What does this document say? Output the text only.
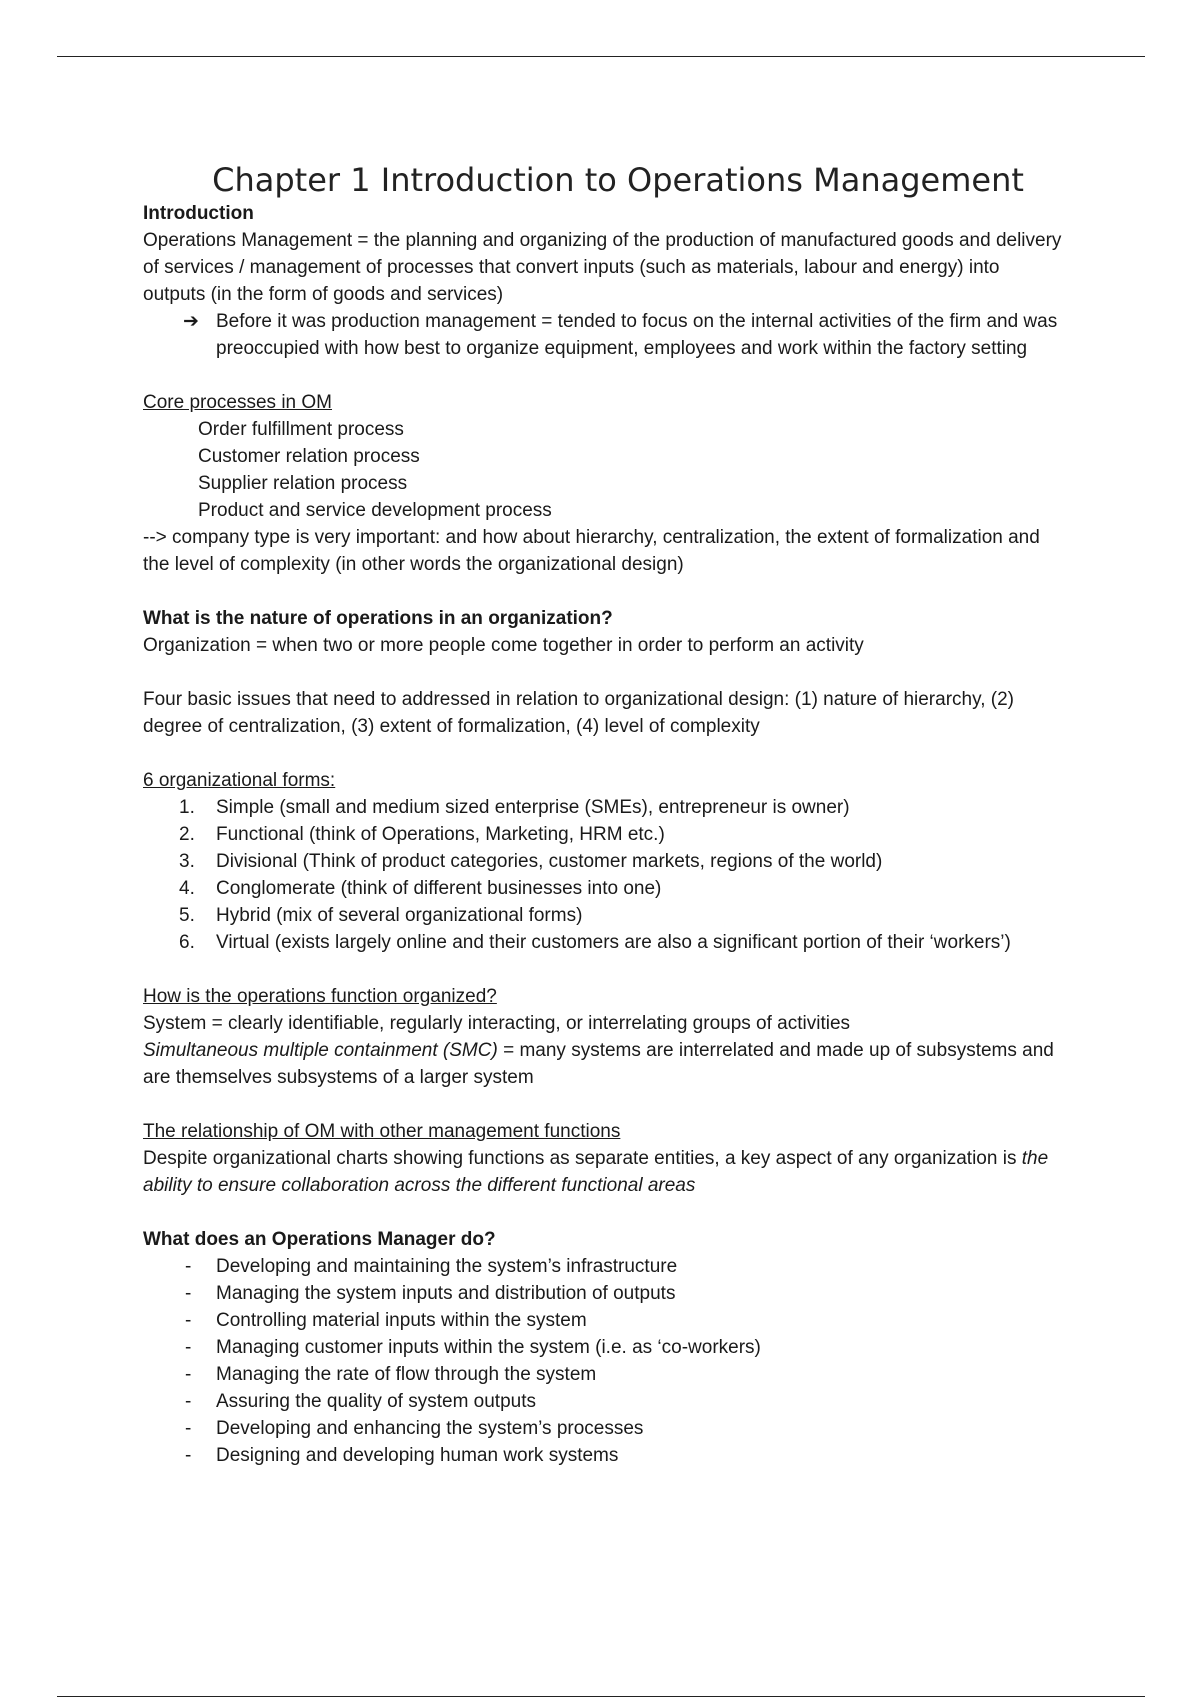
Chapter 1 Introduction to Operations Management

Introduction

Operations Management = the planning and organizing of the production of manufactured goods and delivery of services / management of processes that convert inputs (such as materials, labour and energy) into outputs (in the form of goods and services)

➔ Before it was production management = tended to focus on the internal activities of the firm and was preoccupied with how best to organize equipment, employees and work within the factory setting

Core processes in OM

Order fulfillment process

Customer relation process

Supplier relation process

Product and service development process

--> company type is very important: and how about hierarchy, centralization, the extent of formalization and the level of complexity (in other words the organizational design)

What is the nature of operations in an organization?

Organization = when two or more people come together in order to perform an activity

Four basic issues that need to addressed in relation to organizational design: (1) nature of hierarchy, (2) degree of centralization, (3) extent of formalization, (4) level of complexity

6 organizational forms:

1.	Simple (small and medium sized enterprise (SMEs), entrepreneur is owner)
2.	Functional (think of Operations, Marketing, HRM etc.)
3.	Divisional (Think of product categories, customer markets, regions of the world)
4.	Conglomerate (think of different businesses into one)
5.	Hybrid (mix of several organizational forms)
6.	Virtual (exists largely online and their customers are also a significant portion of their ‘workers’)

How is the operations function organized?

System = clearly identifiable, regularly interacting, or interrelating groups of activities

Simultaneous multiple containment (SMC) = many systems are interrelated and made up of subsystems and are themselves subsystems of a larger system

The relationship of OM with other management functions

Despite organizational charts showing functions as separate entities, a key aspect of any organization is the ability to ensure collaboration across the different functional areas

What does an Operations Manager do?

- Developing and maintaining the system’s infrastructure
- Managing the system inputs and distribution of outputs
- Controlling material inputs within the system
- Managing customer inputs within the system (i.e. as ‘co-workers)
- Managing the rate of flow through the system
- Assuring the quality of system outputs
- Developing and enhancing the system’s processes
- Designing and developing human work systems
